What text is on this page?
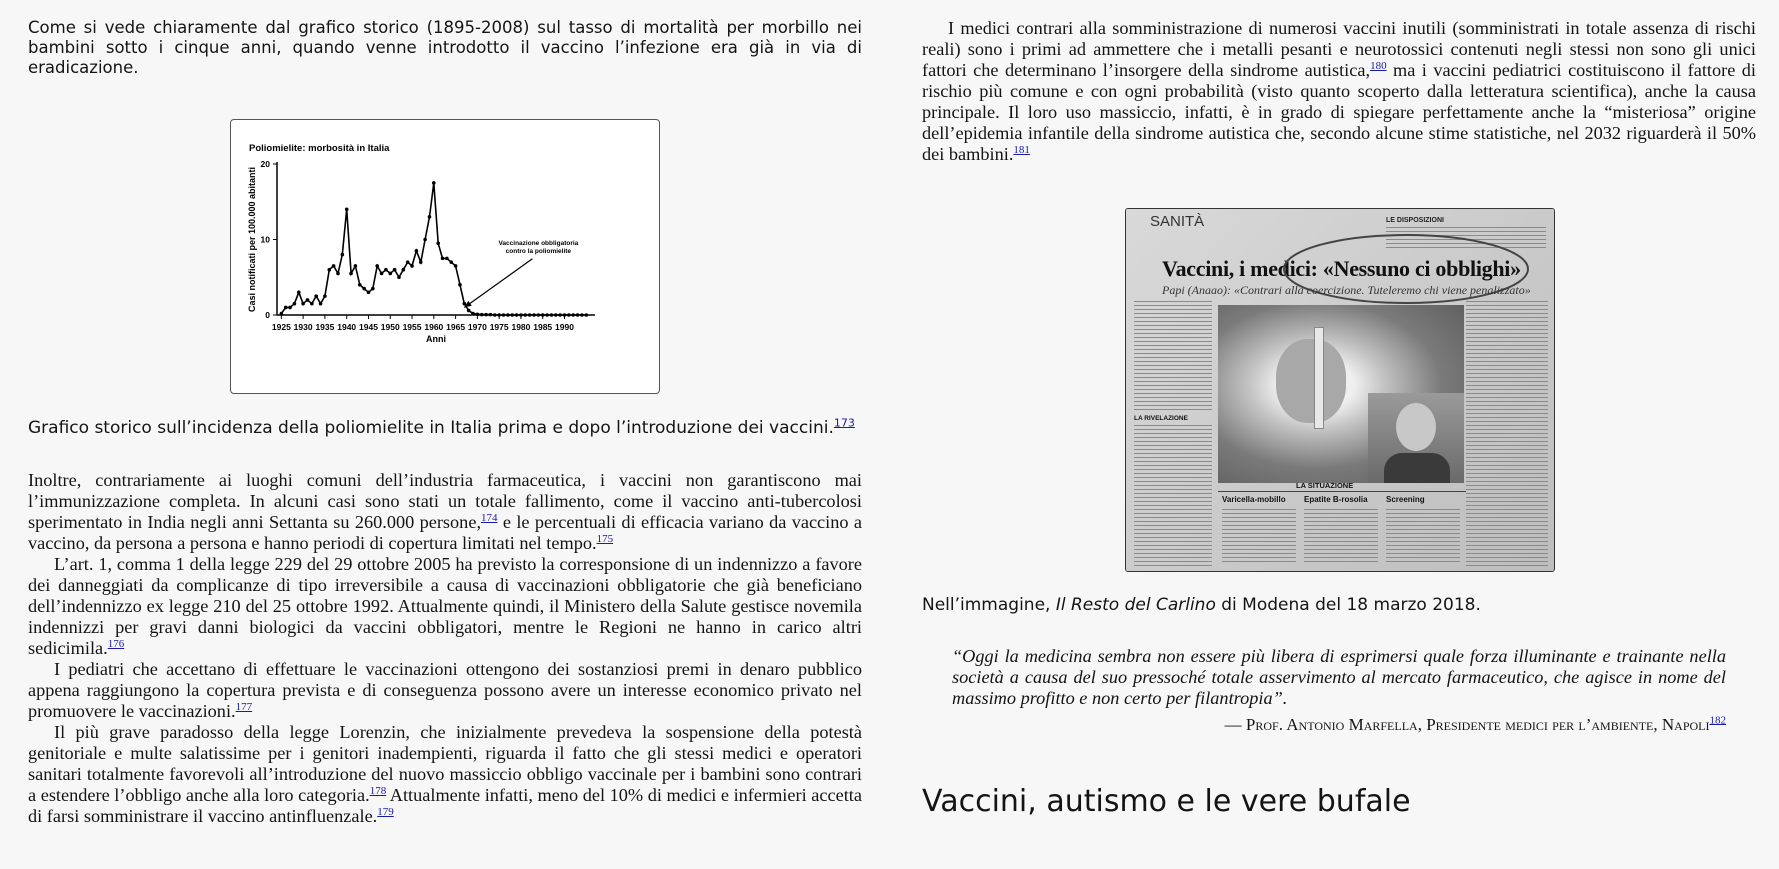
Come si vede chiaramente dal grafico storico (1895-2008) sul tasso di mortalità per morbillo nei bambini sotto i cinque anni, quando venne introdotto il vaccino l’infezione era già in via di eradicazione.

Poliomielite: morbosità in Italia
Casi notificati per 100.000 abitanti
Anni
1925 1930 1935 1940 1945 1950 1955 1960 1965 1970 1975 1980 1985 1990
0
10
20
Vaccinazione obbligatoria
contro la poliomielite
Grafico storico sull’incidenza della poliomielite in Italia prima e dopo l’introduzione dei vaccini.$^{173}$

Inoltre, contrariamente ai luoghi comuni dell’industria farmaceutica, i vaccini non garantiscono mai l’immunizzazione completa. In alcuni casi sono stati un totale fallimento, come il vaccino anti-tubercolosi sperimentato in India negli anni Settanta su 260.000 persone,$^{174}$ e le percentuali di efficacia variano da vaccino a vaccino, da persona a persona e hanno periodi di copertura limitati nel tempo.$^{175}$

L’art. 1, comma 1 della legge 229 del 29 ottobre 2005 ha previsto la corresponsione di un indennizzo a favore dei danneggiati da complicanze di tipo irreversibile a causa di vaccinazioni obbligatorie che già beneficiano dell’indennizzo ex legge 210 del 25 ottobre 1992. Attualmente quindi, il Ministero della Salute gestisce novemila indennizzi per gravi danni biologici da vaccini obbligatori, mentre le Regioni ne hanno in carico altri sedicimila.$^{176}$

I pediatri che accettano di effettuare le vaccinazioni ottengono dei sostanziosi premi in denaro pubblico appena raggiungono la copertura prevista e di conseguenza possono avere un interesse economico privato nel promuovere le vaccinazioni.$^{177}$

Il più grave paradosso della legge Lorenzin, che inizialmente prevedeva la sospensione della potestà genitoriale e multe salatissime per i genitori inadempienti, riguarda il fatto che gli stessi medici e operatori sanitari totalmente favorevoli all’introduzione del nuovo massiccio obbligo vaccinale per i bambini sono contrari a estendere l’obbligo anche alla loro categoria.$^{178}$ Attualmente infatti, meno del 10% di medici e infermieri accetta di farsi somministrare il vaccino antinfluenzale.$^{179}$

I medici contrari alla somministrazione di numerosi vaccini inutili (somministrati in totale assenza di rischi reali) sono i primi ad ammettere che i metalli pesanti e neurotossici contenuti negli stessi non sono gli unici fattori che determinano l’insorgere della sindrome autistica,$^{180}$ ma i vaccini pediatrici costituiscono il fattore di rischio più comune e con ogni probabilità (visto quanto scoperto dalla letteratura scientifica), anche la causa principale. Il loro uso massiccio, infatti, è in grado di spiegare perfettamente anche la “misteriosa” origine dell’epidemia infantile della sindrome autistica che, secondo alcune stime statistiche, nel 2032 riguarderà il 50% dei bambini.$^{181}$

SANITÀ	LE DISPOSIZIONI
Vaccini, i medici: «Nessuno ci obblighi»
Papi (Anaao): «Contrari alla coercizione. Tuteleremo chi viene penalizzato»
LA RIVELAZIONE
LA SITUAZIONE
Varicella-mobillo Epatite B-rosolia Screening
Nell’immagine, Il Resto del Carlino di Modena del 18 marzo 2018.

“Oggi la medicina sembra non essere più libera di esprimersi quale forza illuminante e trainante nella società a causa del suo pressoché totale asservimento al mercato farmaceutico, che agisce in nome del massimo profitto e non certo per filantropia”.

— Prof. Antonio Marfella, Presidente medici per l’ambiente, Napoli$^{182}$
Vaccini, autismo e le vere bufale
